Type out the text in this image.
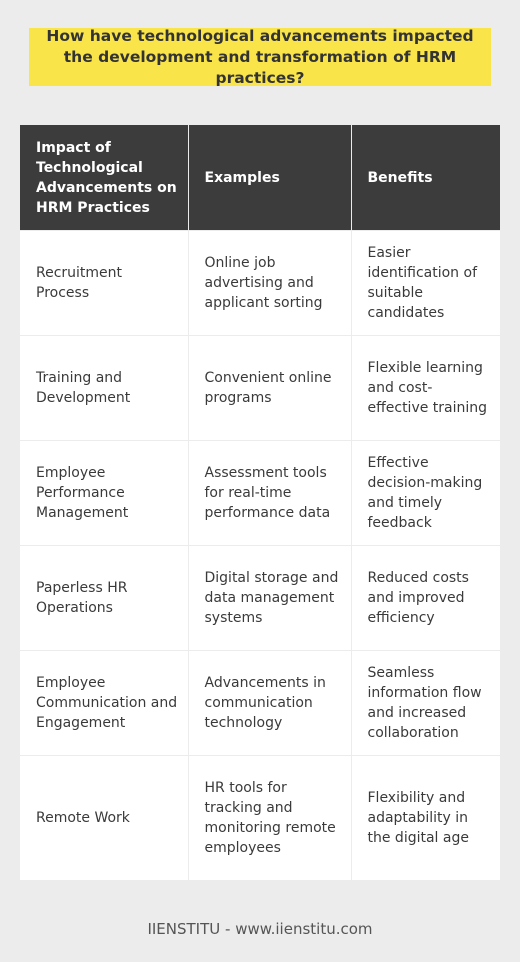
How have technological advancements impacted the development and transformation of HRM practices?
Impact of Technological Advancements on HRM Practices	Examples	Benefits
Recruitment Process	Online job advertising and applicant sorting	Easier identification of suitable candidates
Training and Development	Convenient online programs	Flexible learning and cost-effective training
Employee Performance Management	Assessment tools for real-time performance data	Effective decision-making and timely feedback
Paperless HR Operations	Digital storage and data management systems	Reduced costs and improved efficiency
Employee Communication and Engagement	Advancements in communication technology	Seamless information flow and increased collaboration
Remote Work	HR tools for tracking and monitoring remote employees	Flexibility and adaptability in the digital age
IIENSTITU - www.iienstitu.com
